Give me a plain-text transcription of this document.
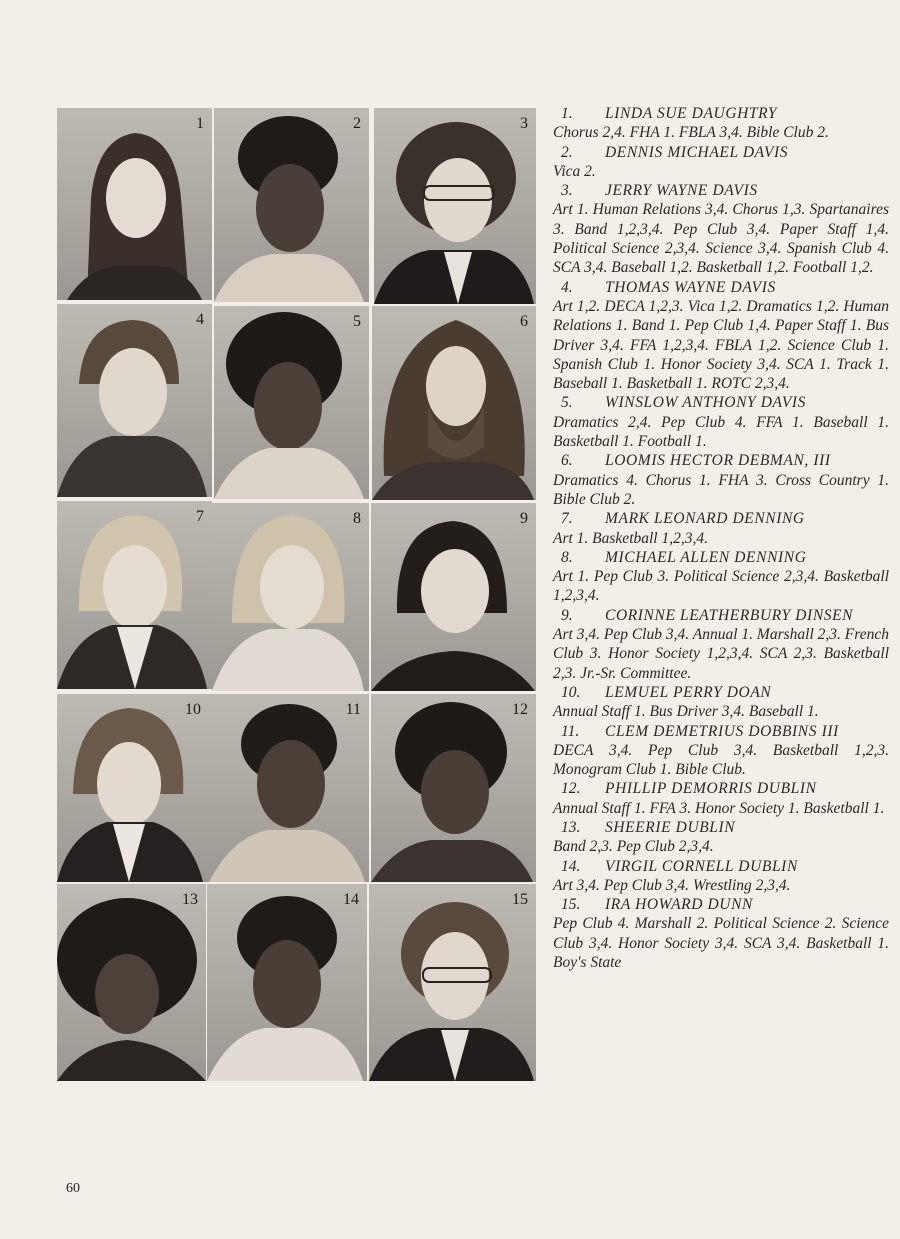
1	2	3
4	5	6
7	8	9
10	11	12
13	14	15
1. LINDA SUE DAUGHTRY
Chorus 2,4. FHA 1. FBLA 3,4. Bible Club 2.
2. DENNIS MICHAEL DAVIS
Vica 2.
3. JERRY WAYNE DAVIS
Art 1. Human Relations 3,4. Chorus 1,3. Spartanaires 3. Band 1,2,3,4. Pep Club 3,4. Paper Staff 1,4. Political Science 2,3,4. Science 3,4. Spanish Club 4. SCA 3,4. Baseball 1,2. Basketball 1,2. Football 1,2.
4. THOMAS WAYNE DAVIS
Art 1,2. DECA 1,2,3. Vica 1,2. Dramatics 1,2. Human Relations 1. Band 1. Pep Club 1,4. Paper Staff 1. Bus Driver 3,4. FFA 1,2,3,4. FBLA 1,2. Science Club 1. Spanish Club 1. Honor Society 3,4. SCA 1. Track 1. Baseball 1. Basketball 1. ROTC 2,3,4.
5. WINSLOW ANTHONY DAVIS
Dramatics 2,4. Pep Club 4. FFA 1. Baseball 1. Basketball 1. Football 1.
6. LOOMIS HECTOR DEBMAN, III
Dramatics 4. Chorus 1. FHA 3. Cross Country 1. Bible Club 2.
7. MARK LEONARD DENNING
Art 1. Basketball 1,2,3,4.
8. MICHAEL ALLEN DENNING
Art 1. Pep Club 3. Political Science 2,3,4. Basketball 1,2,3,4.
9. CORINNE LEATHERBURY DINSEN
Art 3,4. Pep Club 3,4. Annual 1. Marshall 2,3. French Club 3. Honor Society 1,2,3,4. SCA 2,3. Basketball 2,3. Jr.-Sr. Committee.
10. LEMUEL PERRY DOAN
Annual Staff 1. Bus Driver 3,4. Baseball 1.
11. CLEM DEMETRIUS DOBBINS III
DECA 3,4. Pep Club 3,4. Basketball 1,2,3. Monogram Club 1. Bible Club.
12. PHILLIP DEMORRIS DUBLIN
Annual Staff 1. FFA 3. Honor Society 1. Basketball 1.
13. SHEERIE DUBLIN
Band 2,3. Pep Club 2,3,4.
14. VIRGIL CORNELL DUBLIN
Art 3,4. Pep Club 3,4. Wrestling 2,3,4.
15. IRA HOWARD DUNN
Pep Club 4. Marshall 2. Political Science 2. Science Club 3,4. Honor Society 3,4. SCA 3,4. Basketball 1. Boy's State
60
